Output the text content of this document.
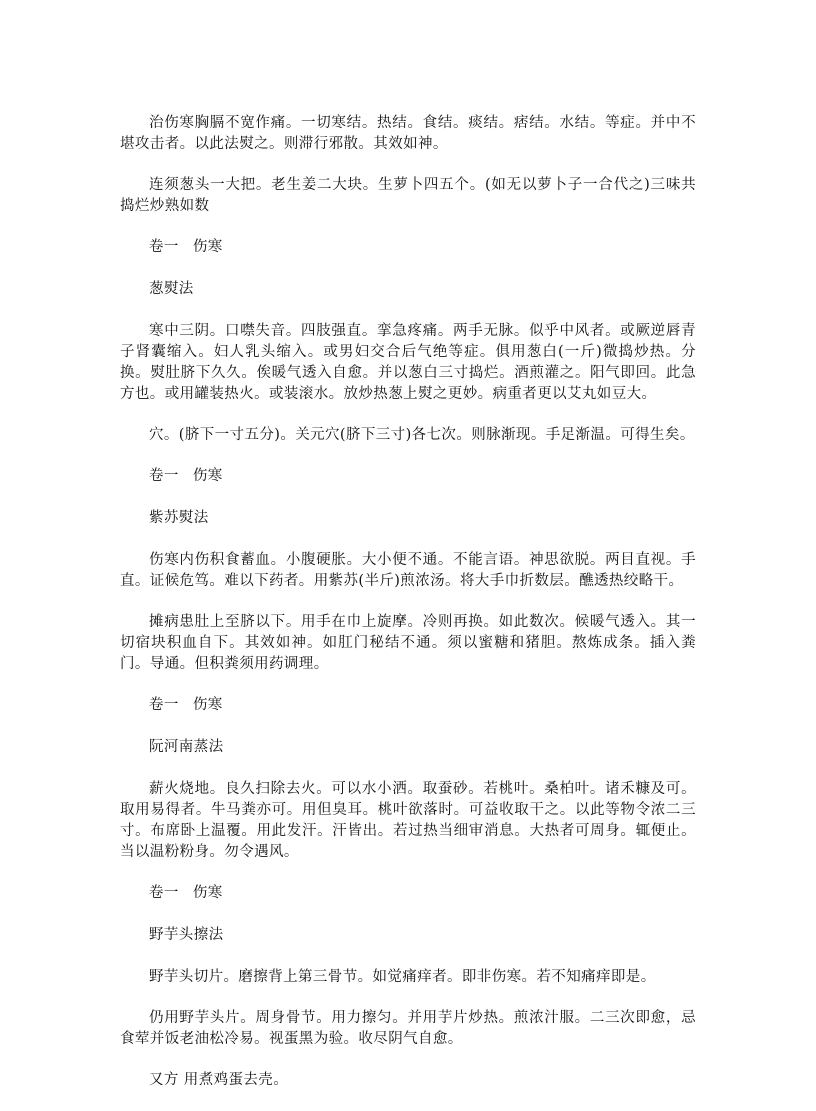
治伤寒胸膈不宽作痛。一切寒结。热结。食结。痰结。痞结。水结。等症。并中不堪攻击者。以此法熨之。则滞行邪散。其效如神。

连须葱头一大把。老生姜二大块。生萝卜四五个。(如无以萝卜子一合代之)三味共捣烂炒熟如数

卷一 伤寒

葱熨法

寒中三阴。口噤失音。四肢强直。挛急疼痛。两手无脉。似乎中风者。或厥逆唇青子肾囊缩入。妇人乳头缩入。或男妇交合后气绝等症。俱用葱白(一斤)微捣炒热。分换。熨肚脐下久久。俟暖气透入自愈。并以葱白三寸捣烂。酒煎灌之。阳气即回。此急方也。或用罐装热火。或装滚水。放炒热葱上熨之更妙。病重者更以艾丸如豆大。

穴。(脐下一寸五分)。关元穴(脐下三寸)各七次。则脉渐现。手足渐温。可得生矣。

卷一 伤寒

紫苏熨法

伤寒内伤积食蓄血。小腹硬胀。大小便不通。不能言语。神思欲脱。两目直视。手直。证候危笃。难以下药者。用紫苏(半斤)煎浓汤。将大手巾折数层。醮透热绞略干。

摊病患肚上至脐以下。用手在巾上旋摩。冷则再换。如此数次。候暖气透入。其一切宿块积血自下。其效如神。如肛门秘结不通。须以蜜糖和猪胆。熬炼成条。插入粪门。导通。但积粪须用药调理。

卷一 伤寒

阮河南蒸法

薪火烧地。良久扫除去火。可以水小洒。取蚕砂。若桃叶。桑柏叶。诸禾糠及可。取用易得者。牛马粪亦可。用但臭耳。桃叶欲落时。可益收取干之。以此等物令浓二三寸。布席卧上温覆。用此发汗。汗皆出。若过热当细审消息。大热者可周身。辄便止。当以温粉粉身。勿令遇风。

卷一 伤寒

野芋头擦法

野芋头切片。磨擦背上第三骨节。如觉痛痒者。即非伤寒。若不知痛痒即是。

仍用野芋头片。周身骨节。用力擦匀。并用芋片炒热。煎浓汁服。二三次即愈，忌食荤并饭老油松冷易。视蛋黑为验。收尽阴气自愈。

又方 用煮鸡蛋去壳。
